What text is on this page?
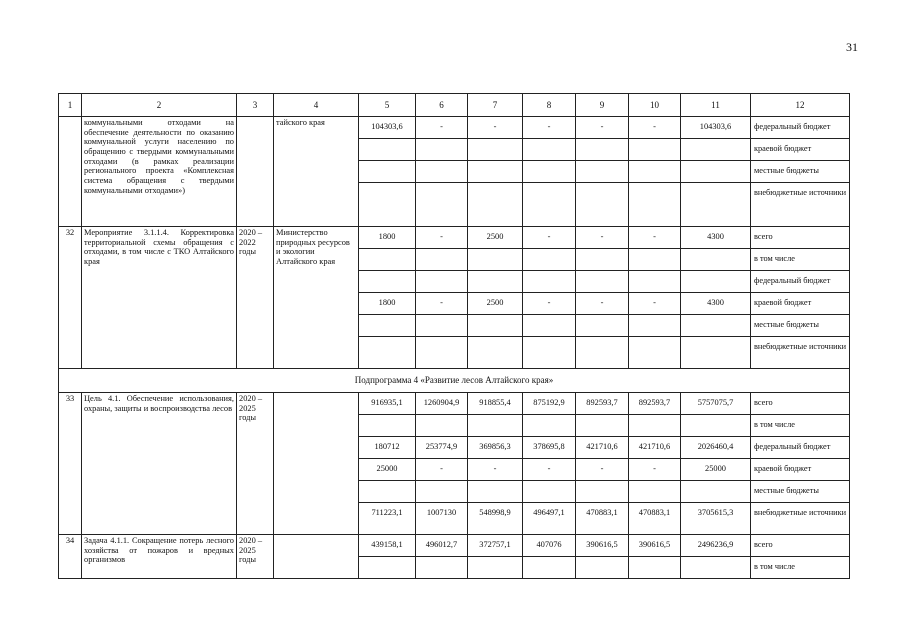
31
1	2	3	4	5	6	7	8	9	10	11	12
	коммунальными отходами на обеспечение деятельности по оказанию коммунальной услуги населению по обращению с твердыми коммунальными отходами (в рамках реализации регионального проекта «Комплексная система обращения с твердыми коммунальными отходами»)		тайского края	104303,6	-	-	-	-	-	104303,6	федеральный бюджет
											краевой бюджет
											местные бюджеты
											внебюджетные источники
32	Мероприятие 3.1.1.4. Корректировка территориальной схемы обращения с отходами, в том числе с ТКО Алтайского края	2020 – 2022 годы	Министерство природных ресурсов и экологии Алтайского края	1800	-	2500	-	-	-	4300	всего
											в том числе
											федеральный бюджет
				1800	-	2500	-	-	-	4300	краевой бюджет
											местные бюджеты
											внебюджетные источники
Подпрограмма 4 «Развитие лесов Алтайского края»											
33	Цель 4.1. Обеспечение использования, охраны, защиты и воспроизводства лесов	2020 – 2025 годы		916935,1	1260904,9	918855,4	875192,9	892593,7	892593,7	5757075,7	всего
											в том числе
				180712	253774,9	369856,3	378695,8	421710,6	421710,6	2026460,4	федеральный бюджет
				25000	-	-	-	-	-	25000	краевой бюджет
											местные бюджеты
				711223,1	1007130	548998,9	496497,1	470883,1	470883,1	3705615,3	внебюджетные источники
34	Задача 4.1.1. Сокращение потерь лесного хозяйства от пожаров и вредных организмов	2020 – 2025 годы		439158,1	496012,7	372757,1	407076	390616,5	390616,5	2496236,9	всего
											в том числе
